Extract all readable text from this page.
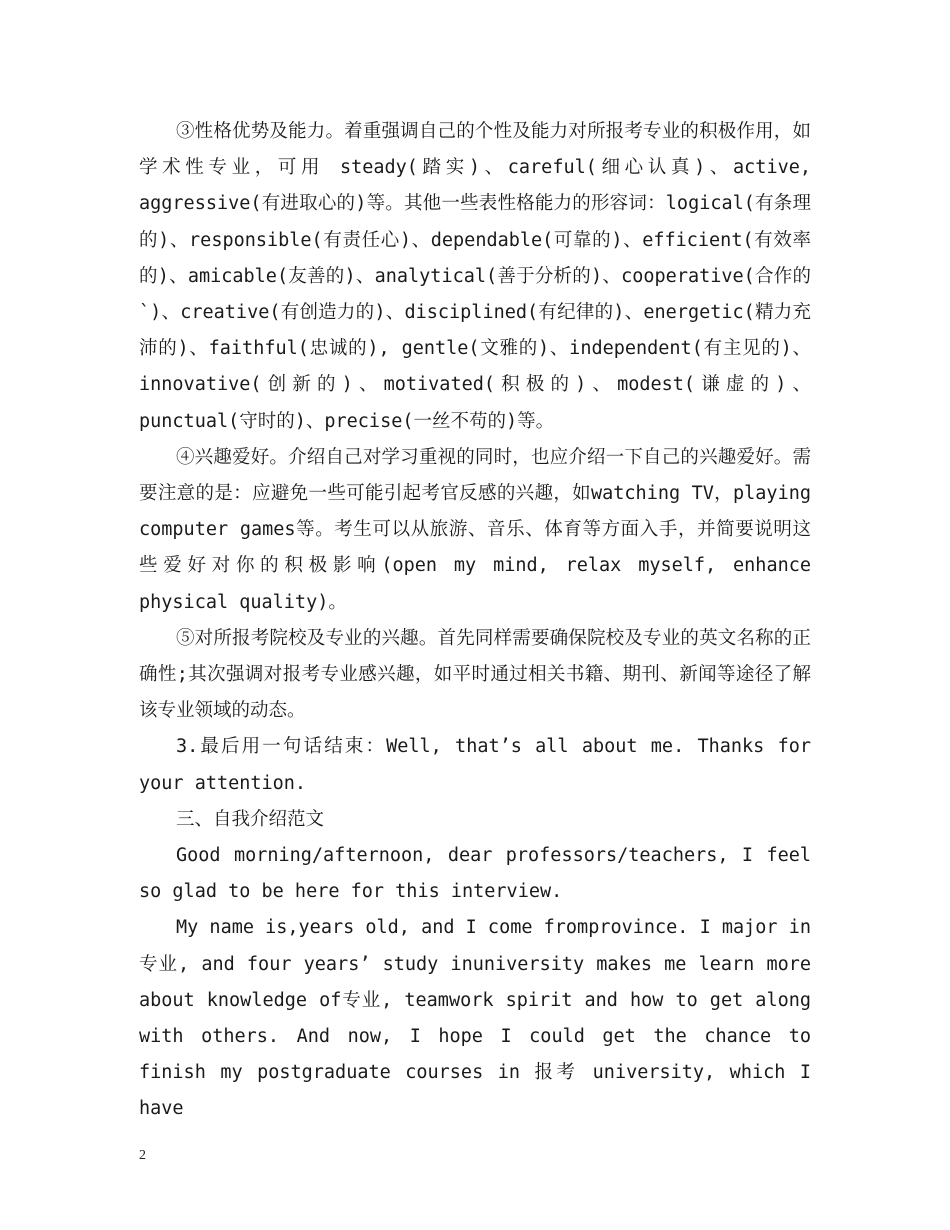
③性格优势及能力。着重强调自己的个性及能力对所报考专业的积极作用，如学术性专业，可用 steady(踏实)、careful(细心认真)、active, aggressive(有进取心的)等。其他一些表性格能力的形容词：logical(有条理的)、responsible(有责任心)、dependable(可靠的)、efficient(有效率的)、amicable(友善的)、analytical(善于分析的)、cooperative(合作的`)、creative(有创造力的)、disciplined(有纪律的)、energetic(精力充沛的)、faithful(忠诚的), gentle(文雅的)、independent(有主见的)、innovative(创新的)、motivated(积极的)、modest(谦虚的)、punctual(守时的)、precise(一丝不苟的)等。

④兴趣爱好。介绍自己对学习重视的同时，也应介绍一下自己的兴趣爱好。需要注意的是：应避免一些可能引起考官反感的兴趣，如watching TV，playing computer games等。考生可以从旅游、音乐、体育等方面入手，并简要说明这些爱好对你的积极影响(open my mind, relax myself, enhance physical quality)。

⑤对所报考院校及专业的兴趣。首先同样需要确保院校及专业的英文名称的正确性;其次强调对报考专业感兴趣，如平时通过相关书籍、期刊、新闻等途径了解该专业领域的动态。

3.最后用一句话结束：Well, that’s all about me. Thanks for your attention.

三、自我介绍范文

Good morning/afternoon, dear professors/teachers, I feel so glad to be here for this interview.

My name is,years old, and I come fromprovince. I major in 专业, and four years’ study inuniversity makes me learn more about knowledge of专业, teamwork spirit and how to get along with others. And now, I hope I could get the chance to finish my postgraduate courses in 报考 university, which I have

2
